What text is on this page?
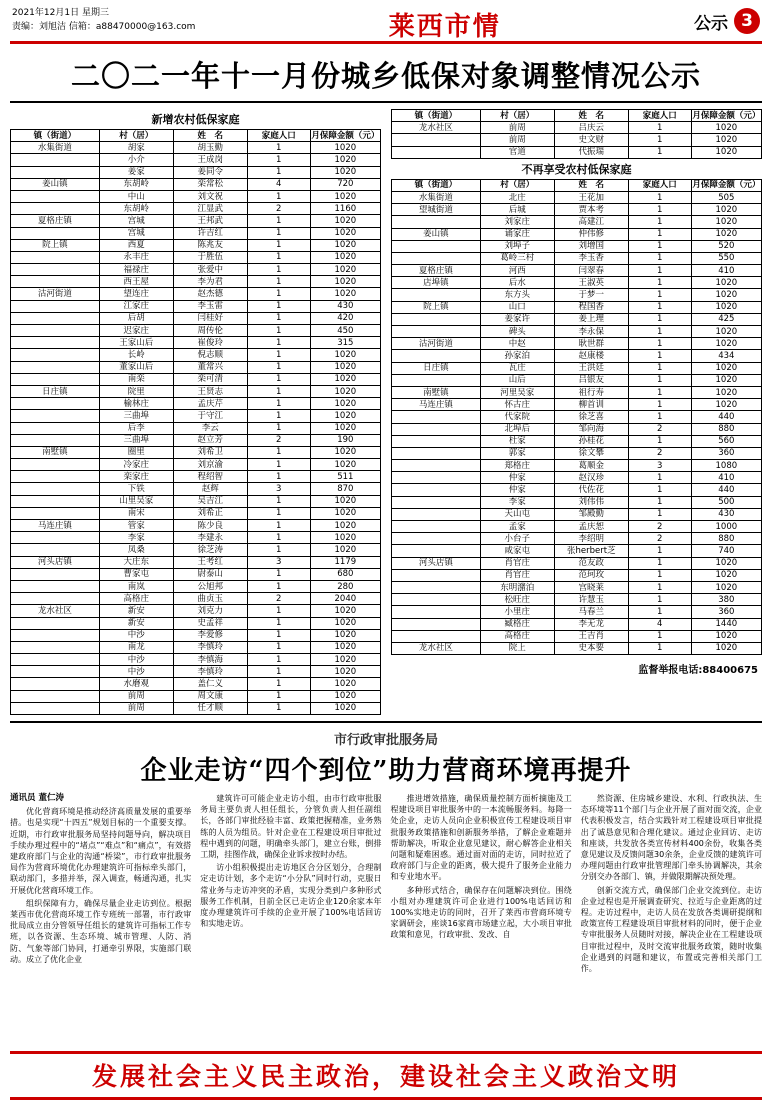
2021年12月1日 星期三
责编：刘旭洁 信箱：a88470000@163.com	莱西市情	公示 3
二〇二一年十一月份城乡低保对象调整情况公示
新增农村低保家庭
镇（街道）	村（居）	姓　名	家庭人口	月保障金额（元）
水集街道	胡家	胡玉勤	1	1020
	小介	王成岗	1	1020
	姜家	姜同令	1	1020
姜山镇	东胡岭	栾常松	4	720
	中山	刘文祝	1	1020
	东胡岭	江显武	2	1160
夏格庄镇	宫城	王邦武	1	1020
	宫城	许吉红	1	1020
院上镇	西夏	陈兆友	1	1020
	永丰庄	于胜伍	1	1020
	福禄庄	张爱中	1	1020
	西王屋	李为君	1	1020
沽河街道	望连庄	赵杰德	1	1020
	江家庄	李玉雷	1	430
	后胡	闫桂好	1	420
	迟家庄	周传伦	1	450
	王家山后	崔俊玲	1	315
	长岭	倪志顺	1	1020
	董家山后	董常兴	1	1020
	南栾	栾可清	1	1020
日庄镇	院里	王贤志	1	1020
	榆林庄	孟庆芹	1	1020
	三曲埠	于守江	1	1020
	后李	李云	1	1020
	三曲埠	赵立芳	2	190
南墅镇	圈里	刘希卫	1	1020
	冷家庄	刘京渝	1	1020
	栾家庄	程绍智	1	511
	下铁	赵辉	3	870
	山里吴家	吴吉江	1	1020
	南宋	刘希正	1	1020
马连庄镇	管家	陈少良	1	1020
	李家	李建永	1	1020
	凤桑	徐芝涛	1	1020
河头店镇	大庄东	王考红	3	1179
	曹家屯	尉泰山	1	680
	南岚	公旭邦	1	280
	高格庄	曲贞玉	2	2040
龙水社区	新安	刘克力	1	1020
	新安	史孟祥	1	1020
	中沙	李爱修	1	1020
	南龙	李慎玲	1	1020
	中沙	李慎海	1	1020
	中沙	李慎玲	1	1020
	水磨观	盖仁义	1	1020
	前周	周文康	1	1020
	前周	任才顺	1	1020
镇（街道）	村（居）	姓　名	家庭人口	月保障金额（元）
龙水社区	前周	吕庆云	1	1020
	前周	史文财	1	1020
	官道	代振瑞	1	1020
不再享受农村低保家庭
镇（街道）	村（居）	姓　名	家庭人口	月保障金额（元）
水集街道	北庄	王花加	1	505
望城街道	后城	贾本考	1	1020
	刘家庄	高建江	1	1020
姜山镇	诵家庄	仲伟修	1	1020
	刘埠子	刘增国	1	520
	葛岭三村	李玉香	1	550
夏格庄镇	河西	闫翠春	1	410
店埠镇	后水	王淑英	1	1020
	东方头	于梦一	1	1020
院上镇	山口	程国香	1	1020
	姜家许	姜上理	1	425
	碑头	李永保	1	1020
沽河街道	中赵	耿世群	1	1020
	孙家泊	赵康楼	1	434
日庄镇	瓦庄	王洪廷	1	1020
	山后	吕银友	1	1020
南墅镇	河里吴家	祖行寿	1	1020
马连庄镇	怀古庄	柳首训	1	1020
	代家院	徐芝喜	1	440
	北埠后	邹向海	2	880
	杜家	孙桂花	1	560
	郭家	徐文攀	2	360
	郑格庄	葛顺金	3	1080
	仲家	赵汉珍	1	410
	仲家	代佐花	1	440
	李家	刘伟伟	1	500
	天山屯	邹殿勤	1	430
	孟家	孟庆恕	2	1000
	小台子	李绍明	2	880
	咸家屯	张herbert芝	1	740
河头店镇	肖官庄	范友政	1	1020
	肖官庄	范珂玫	1	1020
	东明潴泊	宫晓莱	1	1020
	松旺庄	许慧玉	1	380
	小里庄	马春兰	1	360
	臧格庄	李无龙	4	1440
	高格庄	王吉肖	1	1020
龙水社区	院上	史本要	1	1020
监督举报电话:88400675
市行政审批服务局
企业走访“四个到位”助力营商环境再提升
通讯员 董仁涛

优化营商环境是推动经济高质量发展的重要举措。也是实现“十四五”规划目标的一个重要支撑。近期，市行政审批服务局坚持问题导向，解决项目手续办理过程中的“堵点”“难点”和“痛点”，有效搭建政府部门与企业的沟通“桥梁”，市行政审批服务局作为营商环境优化办理建筑许可指标牵头部门，联动部门，多措并举，深入调查，畅通沟通，扎实开展优化营商环境工作。

组织保障有力，确保尽量企业走访到位。根据莱西市优化营商环境工作专班统一部署，市行政审批局成立由分管领导任组长的建筑许可指标工作专班，以各资源、生态环境、城市管理、人防、消防、气象等部门协同，打通牵引界限，实施部门联动。成立了优化企业

建筑许可可能企业走访小组，由市行政审批服务局主要负责人担任组长，分管负责人担任副组长，各部门审批经验丰富、政策把握精准，业务熟练的人员为组员。针对企业在工程建设项目审批过程中遇到的问题，明确牵头部门，建立台账，倒排工期，挂图作战，确保企业诉求按时办结。

访小组积极提出走访地区合分区划分，合理制定走访计划，多个走访“小分队”同时行动，克服日常业务与走访冲突的矛盾，实现分类到户多种形式服务工作机制，目前全区已走访企业120余家本年度办理建筑许可手续的企业开展了100%电话回访和实地走访。

推进增效措施，确保质量控制方面析摘施及工程建设项目审批服务中的一本流畅服务料。每降一处企业，走访人员向企业积极宣传工程建设项目审批服务政策措施和创新服务举措，了解企业难题并帮助解决，听取企业意见建议，耐心解答企业相关问题和疑难困惑。通过面对面的走访，同时拉近了政府部门与企业的距离，极大提升了服务企业能力和专业地水平。

多种形式结合，确保存在问题解决到位。围绕小组对办理建筑许可企业进行100%电话回访和100%实地走访的同时，召开了莱西市营商环境专家调研会，座谈16家商市场建立起，大小项目审批政策和意见，行政审批、发改、自

然资源、住房城乡建设、水利、行政执法、生态环境等11个部门与企业开展了面对面交流，企业代表积极发言，结合实践针对工程建设项目审批提出了诚恳意见和合理化建议。通过企业回访、走访和座谈，共发放各类宣传材料400余份，收集各类意见建议及反馈问题30余条，企业反馈的建筑许可办理问题由行政审批管理部门牵头协调解决，其余分别交办各部门、镇，并做限期解决预处理。

创新交流方式，确保部门企业交流到位。走访企业过程也是开展调查研究、拉近与企业距离的过程。走访过程中，走访人员在发放各类调研提纲和政策宣传工程建设项目审批材料的同时，便于企业专审批服务人员随时对接，解决企业在工程建设项目审批过程中，及时交流审批服务政策，随时收集企业遇到的问题和建议，布置或完善相关部门工作。

发展社会主义民主政治，建设社会主义政治文明
